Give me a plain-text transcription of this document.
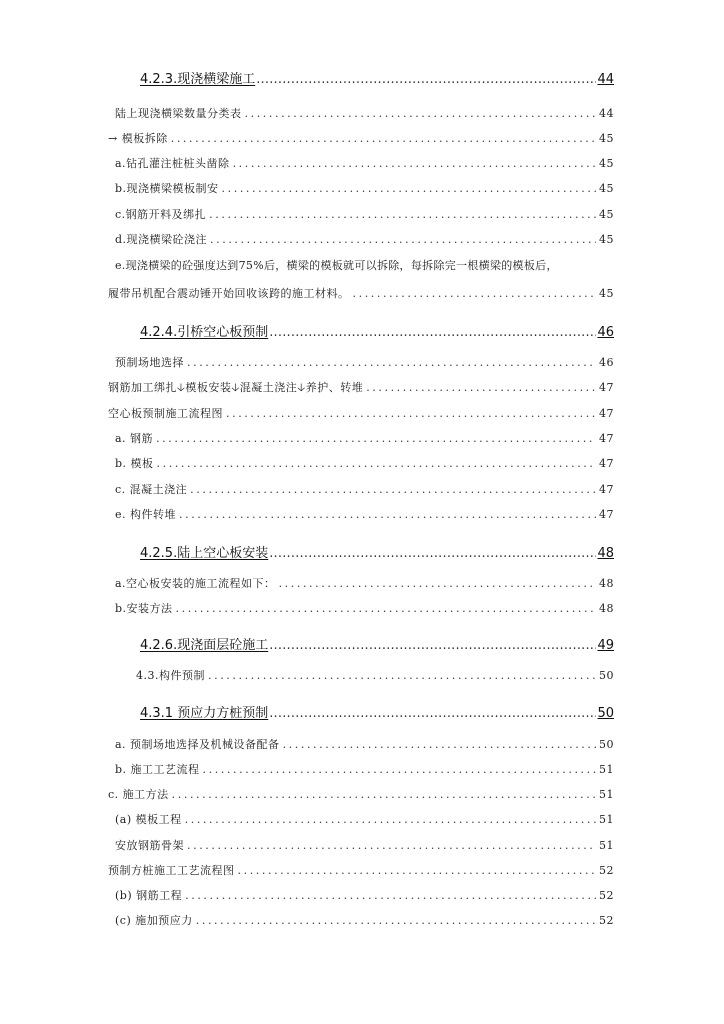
4.2.3.现浇横梁施工 .....	44
陆上现浇横梁数量分类表 .....	44
→ 模板拆除 .....	45
a.钻孔灌注桩桩头凿除 .....	45
b.现浇横梁模板制安 .....	45
c.钢筋开料及绑扎 .....	45
d.现浇横梁砼浇注 .....	45
e.现浇横梁的砼强度达到75%后，横梁的模板就可以拆除，每拆除完一根横梁的模板后，
履带吊机配合震动锤开始回收该跨的施工材料。 .....	45
4.2.4.引桥空心板预制 .....	46
预制场地选择 .....	46
钢筋加工绑扎🡣模板安装🡣混凝土浇注🡣养护、转堆 .....	47
空心板预制施工流程图 .....	47
a. 钢筋 .....	47
b. 模板 .....	47
c. 混凝土浇注 .....	47
e. 构件转堆 .....	47
4.2.5.陆上空心板安装 .....	48
a.空心板安装的施工流程如下： .....	48
b.安装方法 .....	48
4.2.6.现浇面层砼施工 .....	49
4.3.构件预制 .....	50
4.3.1 预应力方桩预制 .....	50
a. 预制场地选择及机械设备配备 .....	50
b. 施工工艺流程 .....	51
c. 施工方法 .....	51
(a) 模板工程 .....	51
安放钢筋骨架 .....	51
预制方桩施工工艺流程图 .....	52
(b) 钢筋工程 .....	52
(c) 施加预应力 .....	52
